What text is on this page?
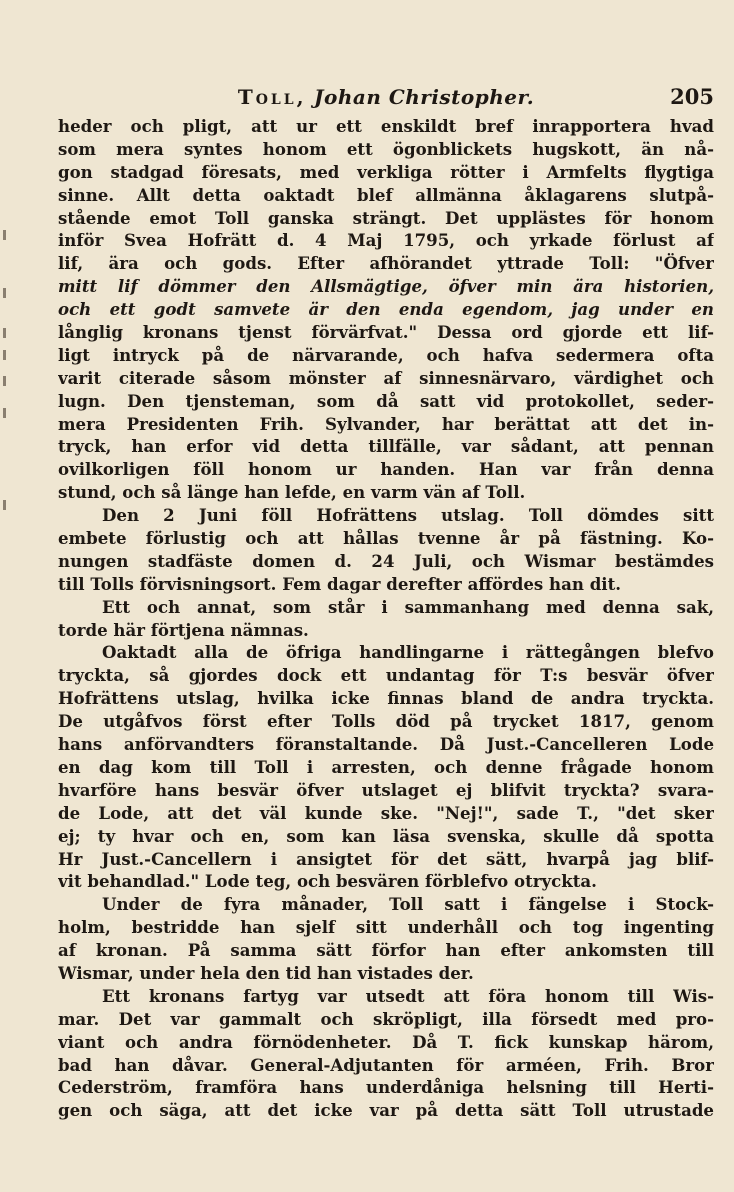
Toll, Johan Christopher.	205
heder och pligt, att ur ett enskildt bref inrapportera hvad
som mera syntes honom ett ögonblickets hugskott, än nå-
gon stadgad föresats, med verkliga rötter i Armfelts flygtiga
sinne. Allt detta oaktadt blef allmänna åklagarens slutpå-
stående emot Toll ganska strängt. Det upplästes för honom
inför Svea Hofrätt d. 4 Maj 1795, och yrkade förlust af
lif, ära och gods. Efter afhörandet yttrade Toll: "Öfver
mitt lif dömmer den Allsmägtige, öfver min ära historien,
och ett godt samvete är den enda egendom, jag under en
långlig kronans tjenst förvärfvat." Dessa ord gjorde ett lif-
ligt intryck på de närvarande, och hafva sedermera ofta
varit citerade såsom mönster af sinnesnärvaro, värdighet och
lugn. Den tjensteman, som då satt vid protokollet, seder-
mera Presidenten Frih. Sylvander, har berättat att det in-
tryck, han erfor vid detta tillfälle, var sådant, att pennan
ovilkorligen föll honom ur handen. Han var från denna
stund, och så länge han lefde, en varm vän af Toll.
Den 2 Juni föll Hofrättens utslag. Toll dömdes sitt
embete förlustig och att hållas tvenne år på fästning. Ko-
nungen stadfäste domen d. 24 Juli, och Wismar bestämdes
till Tolls förvisningsort. Fem dagar derefter affördes han dit.
Ett och annat, som står i sammanhang med denna sak,
torde här förtjena nämnas.
Oaktadt alla de öfriga handlingarne i rättegången blefvo
tryckta, så gjordes dock ett undantag för T:s besvär öfver
Hofrättens utslag, hvilka icke finnas bland de andra tryckta.
De utgåfvos först efter Tolls död på trycket 1817, genom
hans anförvandters föranstaltande. Då Just.-Cancelleren Lode
en dag kom till Toll i arresten, och denne frågade honom
hvarföre hans besvär öfver utslaget ej blifvit tryckta? svara-
de Lode, att det väl kunde ske. "Nej!", sade T., "det sker
ej; ty hvar och en, som kan läsa svenska, skulle då spotta
Hr Just.-Cancellern i ansigtet för det sätt, hvarpå jag blif-
vit behandlad." Lode teg, och besvären förblefvo otryckta.
Under de fyra månader, Toll satt i fängelse i Stock-
holm, bestridde han sjelf sitt underhåll och tog ingenting
af kronan. På samma sätt förfor han efter ankomsten till
Wismar, under hela den tid han vistades der.
Ett kronans fartyg var utsedt att föra honom till Wis-
mar. Det var gammalt och skröpligt, illa försedt med pro-
viant och andra förnödenheter. Då T. fick kunskap härom,
bad han dåvar. General-Adjutanten för arméen, Frih. Bror
Cederström, framföra hans underdåniga helsning till Herti-
gen och säga, att det icke var på detta sätt Toll utrustade
